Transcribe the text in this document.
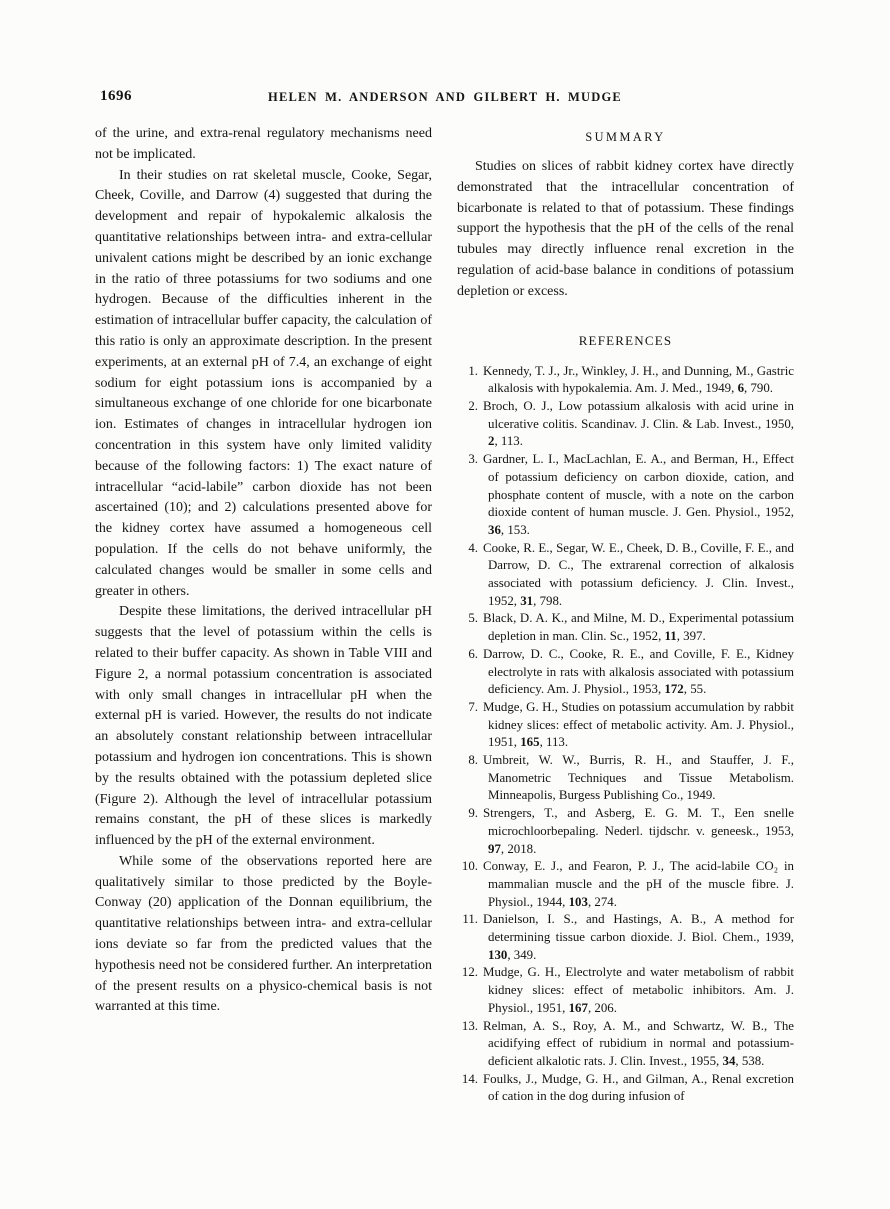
1696	HELEN M. ANDERSON AND GILBERT H. MUDGE

of the urine, and extra-renal regulatory mechanisms need not be implicated.

In their studies on rat skeletal muscle, Cooke, Segar, Cheek, Coville, and Darrow (4) suggested that during the development and repair of hypokalemic alkalosis the quantitative relationships between intra- and extra-cellular univalent cations might be described by an ionic exchange in the ratio of three potassiums for two sodiums and one hydrogen. Because of the difficulties inherent in the estimation of intracellular buffer capacity, the calculation of this ratio is only an approximate description. In the present experiments, at an external pH of 7.4, an exchange of eight sodium for eight potassium ions is accompanied by a simultaneous exchange of one chloride for one bicarbonate ion. Estimates of changes in intracellular hydrogen ion concentration in this system have only limited validity because of the following factors: 1) The exact nature of intracellular “acid-labile” carbon dioxide has not been ascertained (10); and 2) calculations presented above for the kidney cortex have assumed a homogeneous cell population. If the cells do not behave uniformly, the calculated changes would be smaller in some cells and greater in others.

Despite these limitations, the derived intracellular pH suggests that the level of potassium within the cells is related to their buffer capacity. As shown in Table VIII and Figure 2, a normal potassium concentration is associated with only small changes in intracellular pH when the external pH is varied. However, the results do not indicate an absolutely constant relationship between intracellular potassium and hydrogen ion concentrations. This is shown by the results obtained with the potassium depleted slice (Figure 2). Although the level of intracellular potassium remains constant, the pH of these slices is markedly influenced by the pH of the external environment.

While some of the observations reported here are qualitatively similar to those predicted by the Boyle-Conway (20) application of the Donnan equilibrium, the quantitative relationships between intra- and extra-cellular ions deviate so far from the predicted values that the hypothesis need not be considered further. An interpretation of the present results on a physico-chemical basis is not warranted at this time.

SUMMARY

Studies on slices of rabbit kidney cortex have directly demonstrated that the intracellular concentration of bicarbonate is related to that of potassium. These findings support the hypothesis that the pH of the cells of the renal tubules may directly influence renal excretion in the regulation of acid-base balance in conditions of potassium depletion or excess.

REFERENCES

1. Kennedy, T. J., Jr., Winkley, J. H., and Dunning, M., Gastric alkalosis with hypokalemia. Am. J. Med., 1949, 6, 790.

2. Broch, O. J., Low potassium alkalosis with acid urine in ulcerative colitis. Scandinav. J. Clin. & Lab. Invest., 1950, 2, 113.

3. Gardner, L. I., MacLachlan, E. A., and Berman, H., Effect of potassium deficiency on carbon dioxide, cation, and phosphate content of muscle, with a note on the carbon dioxide content of human muscle. J. Gen. Physiol., 1952, 36, 153.

4. Cooke, R. E., Segar, W. E., Cheek, D. B., Coville, F. E., and Darrow, D. C., The extrarenal correction of alkalosis associated with potassium deficiency. J. Clin. Invest., 1952, 31, 798.

5. Black, D. A. K., and Milne, M. D., Experimental potassium depletion in man. Clin. Sc., 1952, 11, 397.

6. Darrow, D. C., Cooke, R. E., and Coville, F. E., Kidney electrolyte in rats with alkalosis associated with potassium deficiency. Am. J. Physiol., 1953, 172, 55.

7. Mudge, G. H., Studies on potassium accumulation by rabbit kidney slices: effect of metabolic activity. Am. J. Physiol., 1951, 165, 113.

8. Umbreit, W. W., Burris, R. H., and Stauffer, J. F., Manometric Techniques and Tissue Metabolism. Minneapolis, Burgess Publishing Co., 1949.

9. Strengers, T., and Asberg, E. G. M. T., Een snelle microchloorbepaling. Nederl. tijdschr. v. geneesk., 1953, 97, 2018.

10. Conway, E. J., and Fearon, P. J., The acid-labile CO₂ in mammalian muscle and the pH of the muscle fibre. J. Physiol., 1944, 103, 274.

11. Danielson, I. S., and Hastings, A. B., A method for determining tissue carbon dioxide. J. Biol. Chem., 1939, 130, 349.

12. Mudge, G. H., Electrolyte and water metabolism of rabbit kidney slices: effect of metabolic inhibitors. Am. J. Physiol., 1951, 167, 206.

13. Relman, A. S., Roy, A. M., and Schwartz, W. B., The acidifying effect of rubidium in normal and potassium-deficient alkalotic rats. J. Clin. Invest., 1955, 34, 538.

14. Foulks, J., Mudge, G. H., and Gilman, A., Renal excretion of cation in the dog during infusion of
